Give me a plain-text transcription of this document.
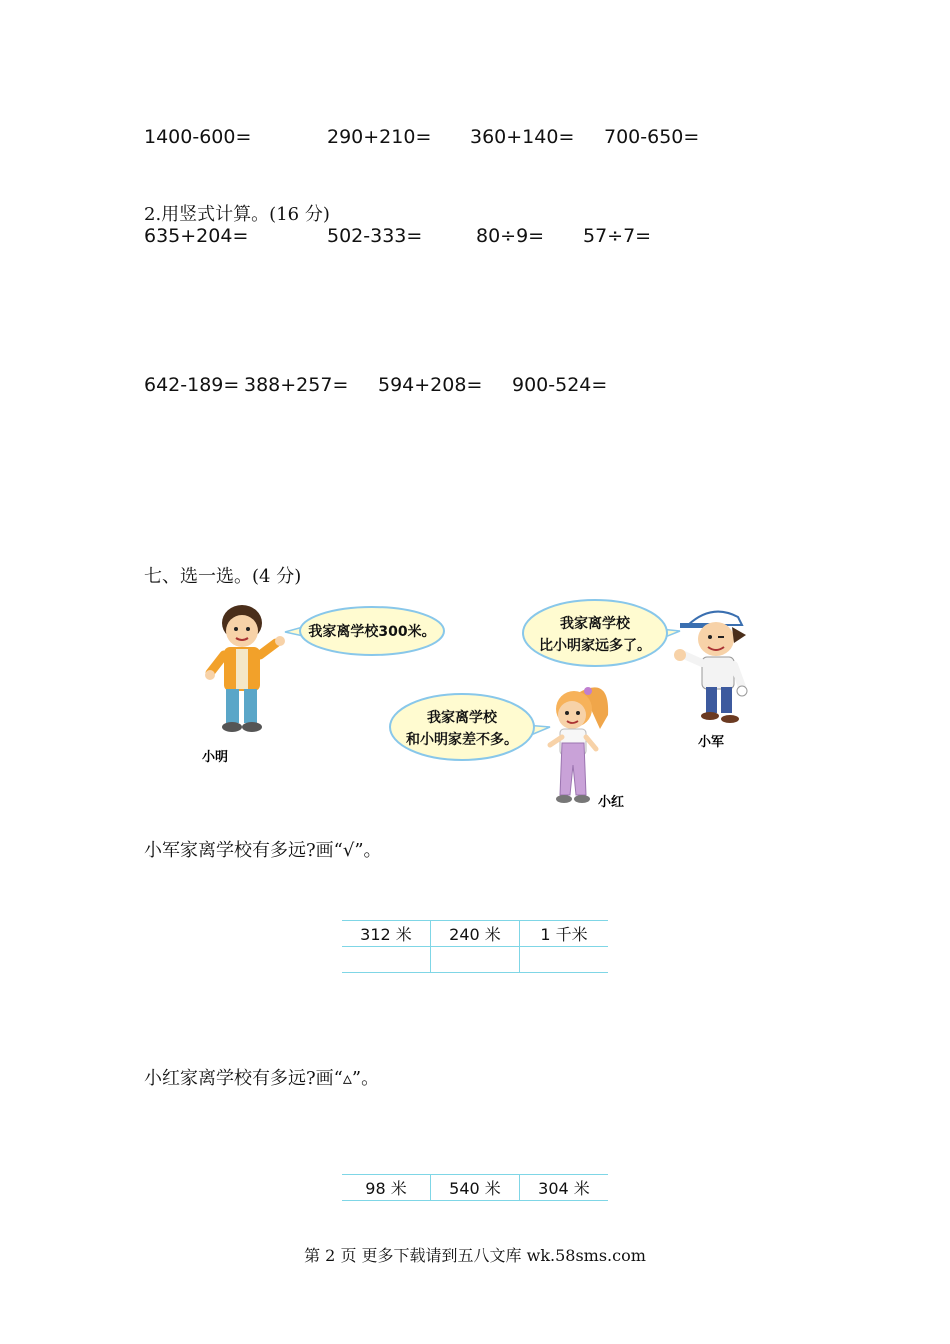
1400-600=	290+210= 360+140= 700-650=
2.用竖式计算。(16 分)
635+204=	502-333=	80÷9= 57÷7=
642-189= 388+257= 594+208= 900-524=
七、选一选。(4 分)
我家离学校300米。	我家离学校
比小明家远多了。
我家离学校
和小明家差不多。
小明
小军
小红
小军家离学校有多远?画“√”。
312 米	240 米	1 千米

小红家离学校有多远?画“▵”。
98 米	540 米	304 米
第 2 页 更多下载请到五八文库 wk.58sms.com
